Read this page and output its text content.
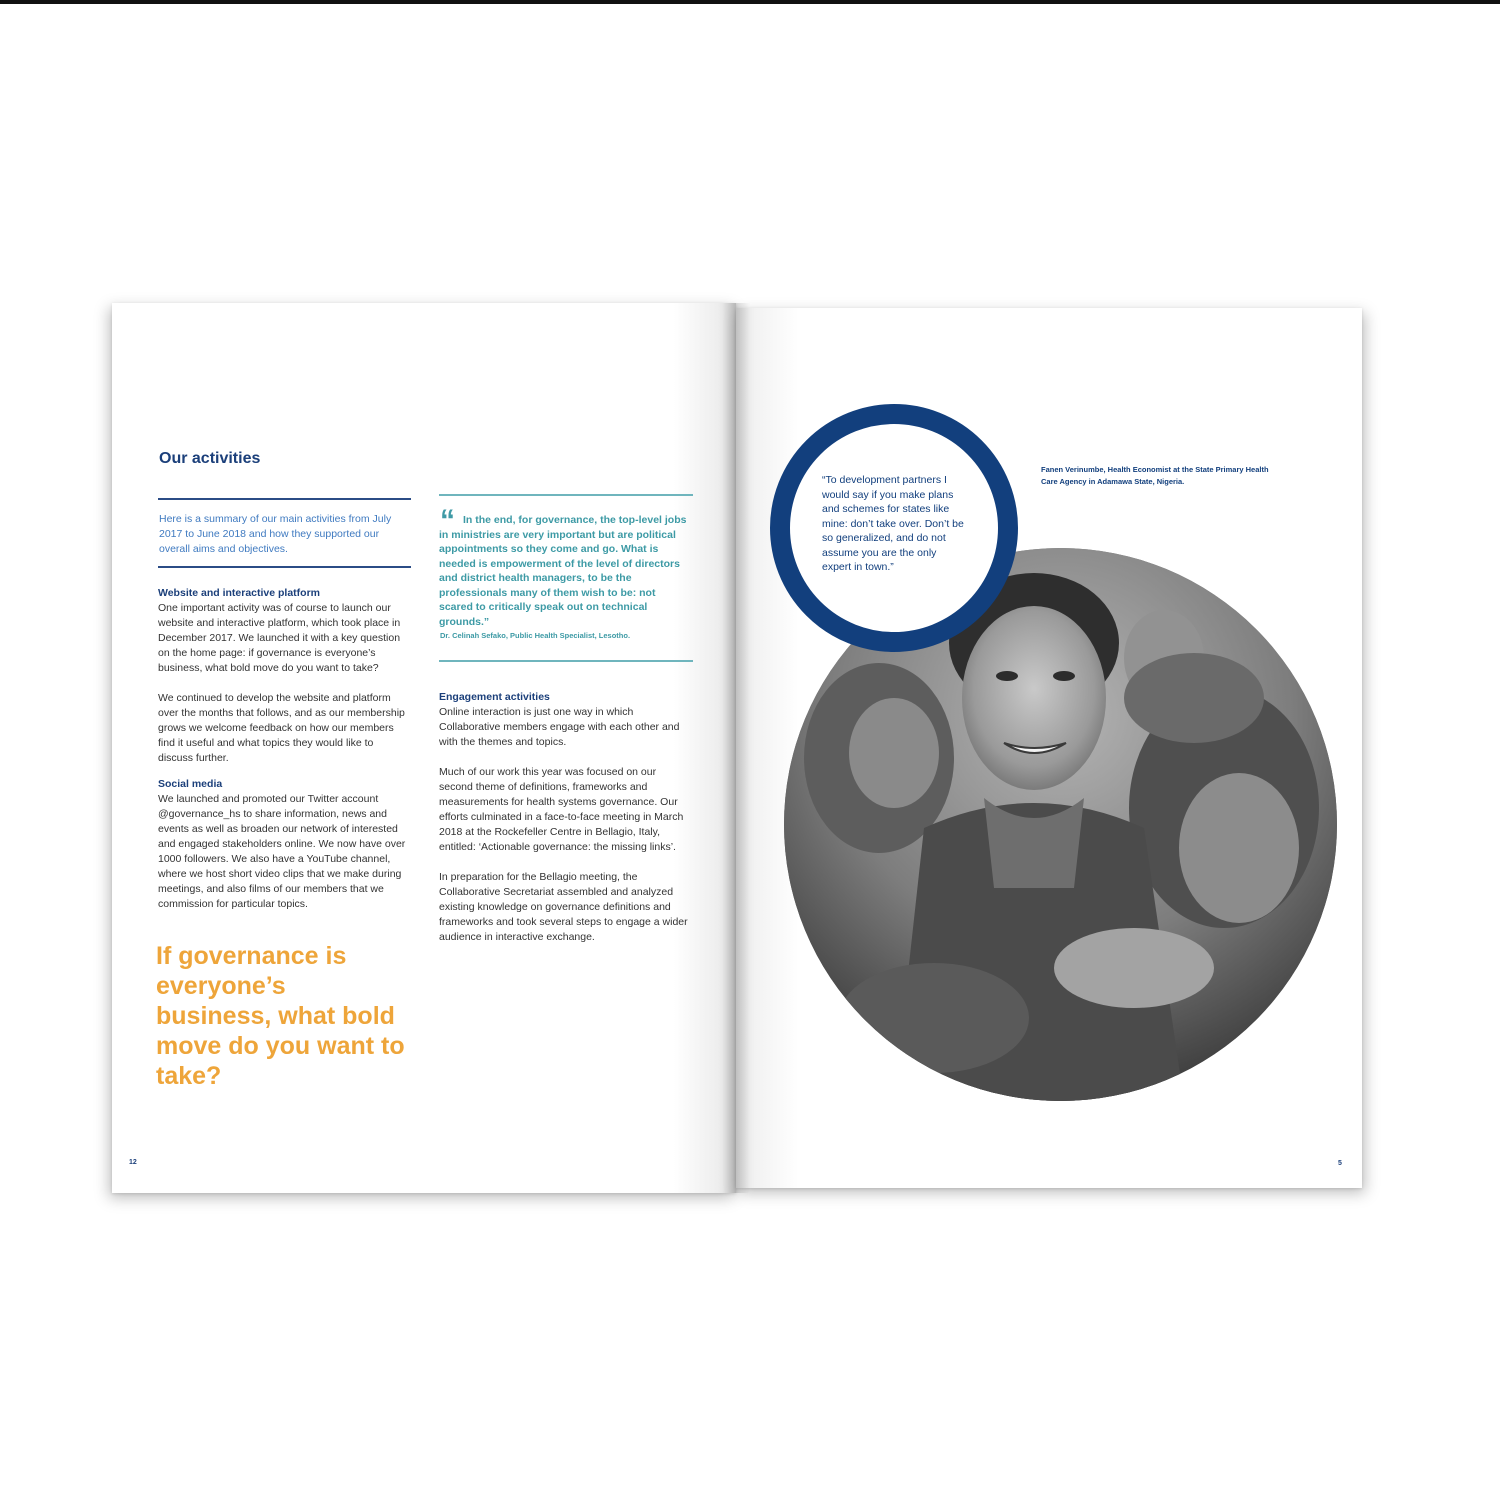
Our activities
Here is a summary of our main activities from July 2017 to June 2018 and how they supported our overall aims and objectives.
Website and interactive platform

One important activity was of course to launch our website and interactive platform, which took place in December 2017. We launched it with a key question on the home page: if governance is everyone’s business, what bold move do you want to take?

We continued to develop the website and platform over the months that follows, and as our membership grows we welcome feedback on how our members find it useful and what topics they would like to discuss further.

Social media

We launched and promoted our Twitter account @governance_hs to share information, news and events as well as broaden our network of interested and engaged stakeholders online. We now have over 1000 followers. We also have a YouTube channel, where we host short video clips that we make during meetings, and also films of our members that we commission for particular topics.

If governance is everyone’s business, what bold move do you want to take?
“ In the end, for governance, the top-level jobs in ministries are very important but are political appointments so they come and go. What is needed is empowerment of the level of directors and district health managers, to be the professionals many of them wish to be: not scared to critically speak out on technical grounds.”
Dr. Celinah Sefako, Public Health Specialist, Lesotho.
Engagement activities

Online interaction is just one way in which Collaborative members engage with each other and with the themes and topics.

Much of our work this year was focused on our second theme of definitions, frameworks and measurements for health systems governance. Our efforts culminated in a face-to-face meeting in March 2018 at the Rockefeller Centre in Bellagio, Italy, entitled: ‘Actionable governance: the missing links’.

In preparation for the Bellagio meeting, the Collaborative Secretariat assembled and analyzed existing knowledge on governance definitions and frameworks and took several steps to engage a wider audience in interactive exchange.

12
“To development partners I would say if you make plans and schemes for states like mine: don’t take over. Don’t be so generalized, and do not assume you are the only expert in town.”
Fanen Verinumbe, Health Economist at the State Primary Health Care Agency in Adamawa State, Nigeria.
5
